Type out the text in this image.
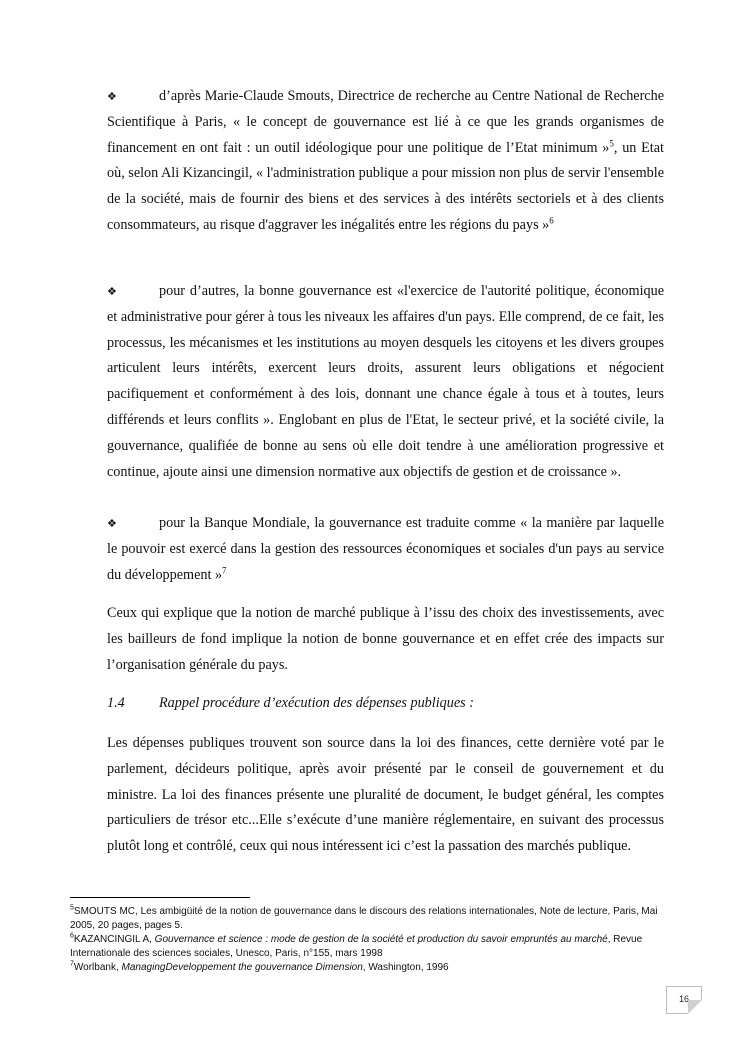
❖	d’après Marie-Claude Smouts, Directrice de recherche au Centre National de Recherche Scientifique à Paris, « le concept de gouvernance est lié à ce que les grands organismes de financement en ont fait : un outil idéologique pour une politique de l’Etat minimum »$^5$, un Etat où, selon Ali Kizancingil, « l'administration publique a pour mission non plus de servir l'ensemble de la société, mais de fournir des biens et des services à des intérêts sectoriels et à des clients consommateurs, au risque d'aggraver les inégalités entre les régions du pays »$^6$

❖	pour d’autres, la bonne gouvernance est «l'exercice de l'autorité politique, économique et administrative pour gérer à tous les niveaux les affaires d'un pays. Elle comprend, de ce fait, les processus, les mécanismes et les institutions au moyen desquels les citoyens et les divers groupes articulent leurs intérêts, exercent leurs droits, assurent leurs obligations et négocient pacifiquement et conformément à des lois, donnant une chance égale à tous et à toutes, leurs différends et leurs conflits ». Englobant en plus de l'Etat, le secteur privé, et la société civile, la gouvernance, qualifiée de bonne au sens où elle doit tendre à une amélioration progressive et continue, ajoute ainsi une dimension normative aux objectifs de gestion et de croissance ».

❖	pour la Banque Mondiale, la gouvernance est traduite comme « la manière par laquelle le pouvoir est exercé dans la gestion des ressources économiques et sociales d'un pays au service du développement »$^7$

Ceux qui explique que la notion de marché publique à l’issu des choix des investissements, avec les bailleurs de fond implique la notion de bonne gouvernance et en effet crée des impacts sur l’organisation générale du pays.

1.4 Rappel procédure d’exécution des dépenses publiques :

Les dépenses publiques trouvent son source dans la loi des finances, cette dernière voté par le parlement, décideurs politique, après avoir présenté par le conseil de gouvernement et du ministre. La loi des finances présente une pluralité de document, le budget général, les comptes particuliers de trésor etc...Elle s’exécute d’une manière réglementaire, en suivant des processus plutôt long et contrôlé, ceux qui nous intéressent ici c’est la passation des marchés publique.

$^5$SMOUTS MC, Les ambigüité de la notion de gouvernance dans le discours des relations internationales, Note de lecture, Paris, Mai 2005, 20 pages, pages 5.

$^6$KAZANCINGIL A, Gouvernance et science : mode de gestion de la société et production du savoir empruntés au marché, Revue Internationale des sciences sociales, Unesco, Paris, n°155, mars 1998

$^7$Worlbank, ManagingDeveloppement the gouvernance Dimension, Washington, 1996

16
